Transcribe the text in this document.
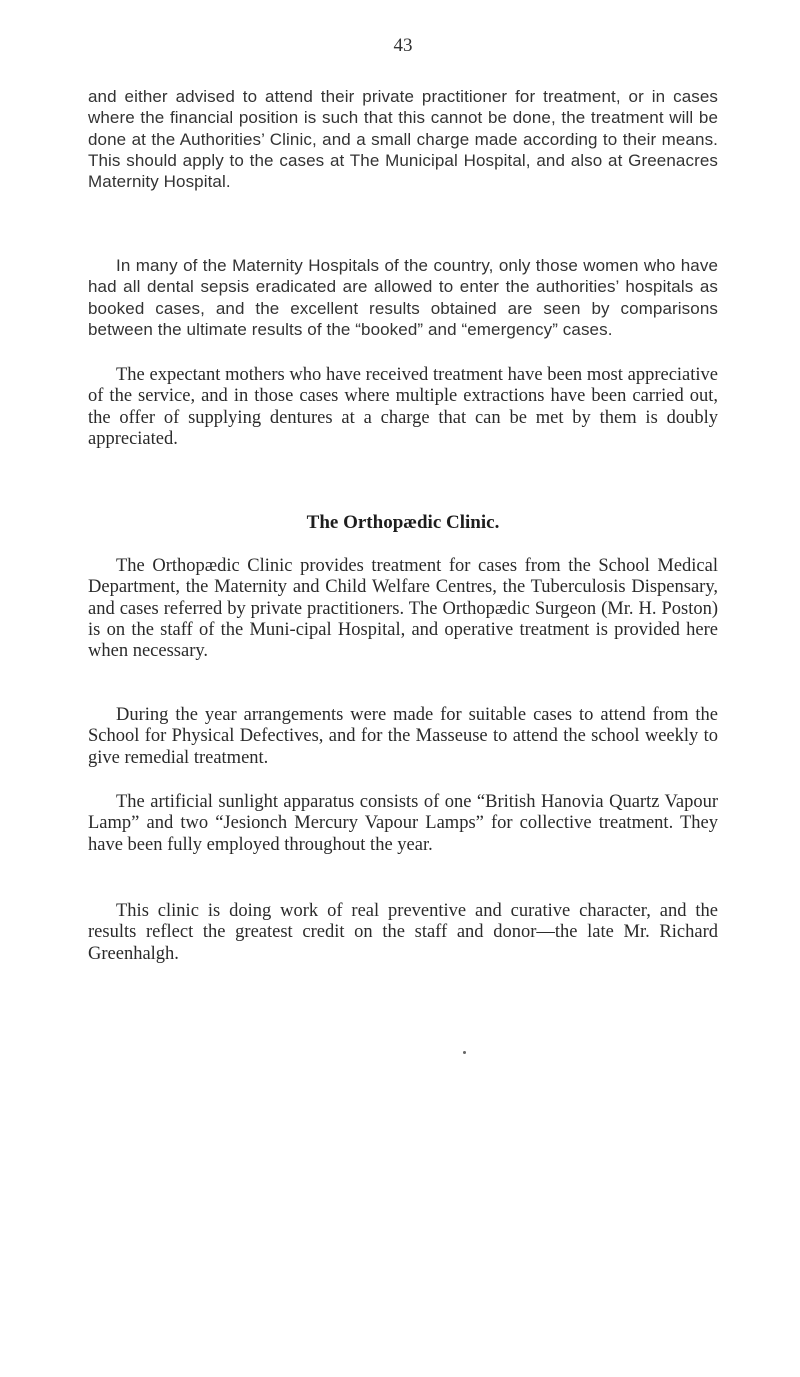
43

and either advised to attend their private practitioner for treatment, or in cases where the financial position is such that this cannot be done, the treatment will be done at the Authorities’ Clinic, and a small charge made according to their means. This should apply to the cases at The Municipal Hospital, and also at Greenacres Maternity Hospital.

In many of the Maternity Hospitals of the country, only those women who have had all dental sepsis eradicated are allowed to enter the authorities’ hospitals as booked cases, and the excellent results obtained are seen by comparisons between the ultimate results of the “booked” and “emergency” cases.

The expectant mothers who have received treatment have been most appreciative of the service, and in those cases where multiple extractions have been carried out, the offer of supplying dentures at a charge that can be met by them is doubly appreciated.

The Orthopædic Clinic.

The Orthopædic Clinic provides treatment for cases from the School Medical Department, the Maternity and Child Welfare Centres, the Tuberculosis Dispensary, and cases referred by private practitioners. The Orthopædic Surgeon (Mr. H. Poston) is on the staff of the Muni-cipal Hospital, and operative treatment is provided here when necessary.

During the year arrangements were made for suitable cases to attend from the School for Physical Defectives, and for the Masseuse to attend the school weekly to give remedial treatment.

The artificial sunlight apparatus consists of one “British Hanovia Quartz Vapour Lamp” and two “Jesionch Mercury Vapour Lamps” for collective treatment. They have been fully employed throughout the year.

This clinic is doing work of real preventive and curative character, and the results reflect the greatest credit on the staff and donor—the late Mr. Richard Greenhalgh.
